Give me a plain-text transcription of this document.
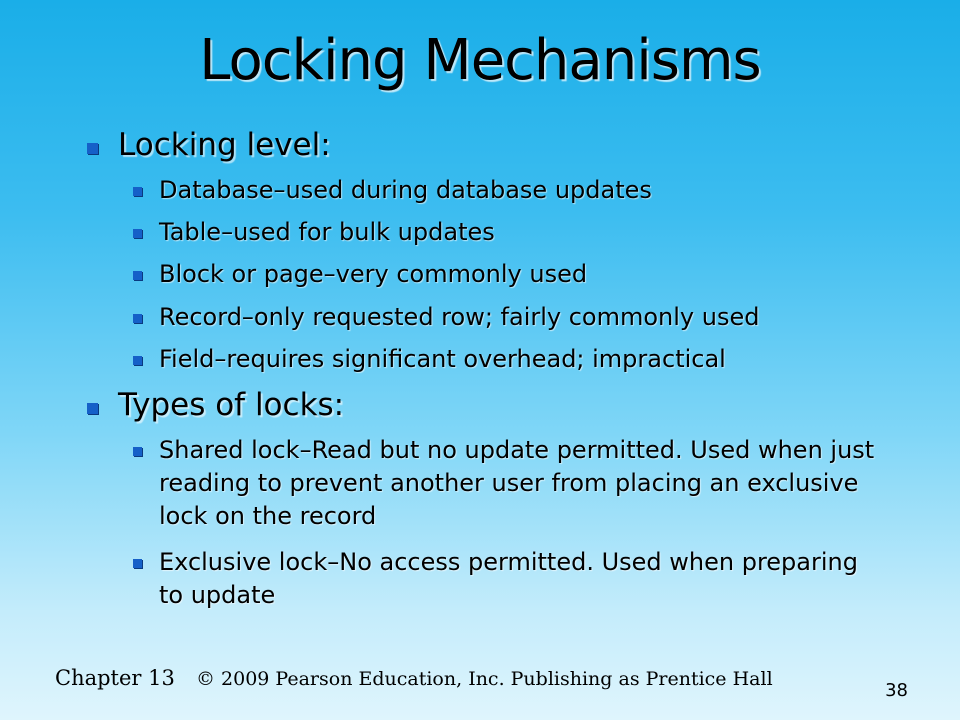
Locking Mechanisms
Locking level:
Database–used during database updates
Table–used for bulk updates
Block or page–very commonly used
Record–only requested row; fairly commonly used
Field–requires significant overhead; impractical
Types of locks:
Shared lock–Read but no update permitted. Used when just reading to prevent another user from placing an exclusive lock on the record
Exclusive lock–No access permitted. Used when preparing to update
Chapter 13 © 2009 Pearson Education, Inc. Publishing as Prentice Hall
38
